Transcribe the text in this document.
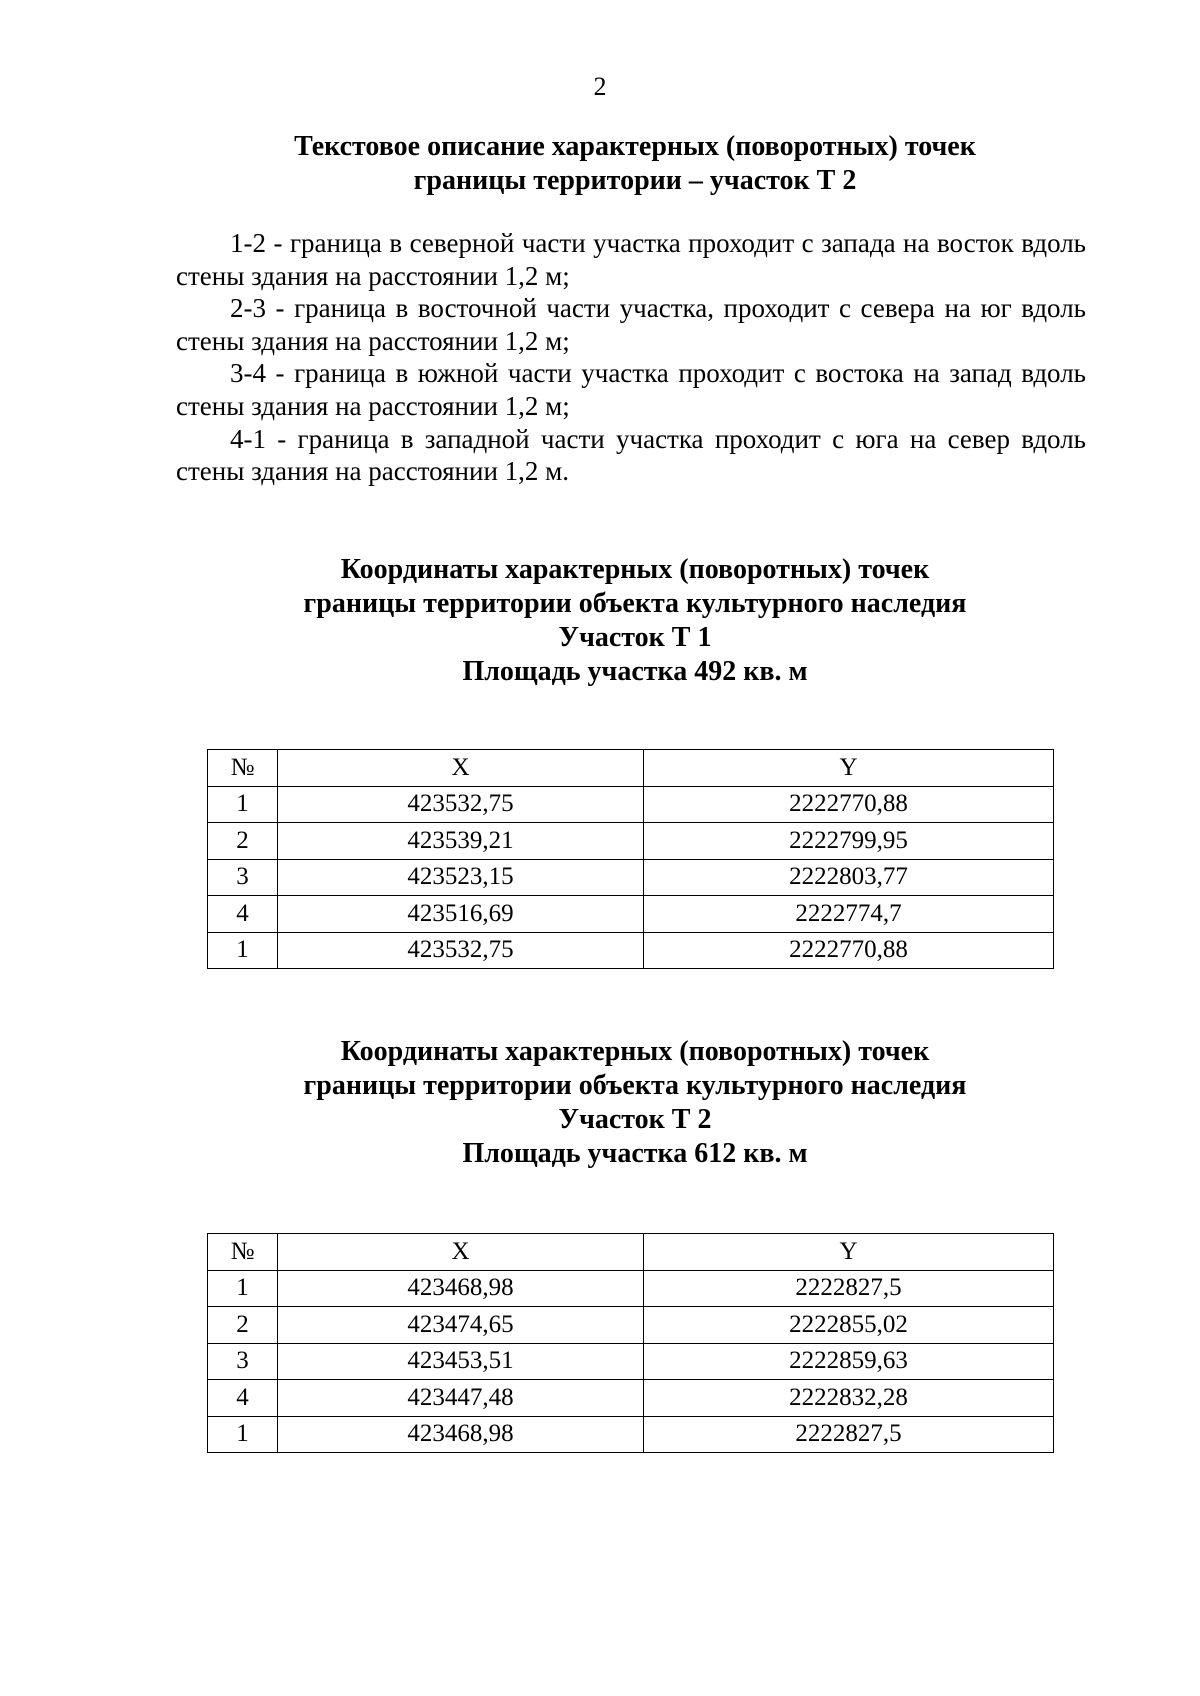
2
Текстовое описание характерных (поворотных) точек
границы территории – участок Т 2

1-2 - граница в северной части участка проходит с запада на восток вдоль стены здания на расстоянии 1,2 м;

2-3 - граница в восточной части участка, проходит с севера на юг вдоль стены здания на расстоянии 1,2 м;

3-4 - граница в южной части участка проходит с востока на запад вдоль стены здания на расстоянии 1,2 м;

4-1 - граница в западной части участка проходит с юга на север вдоль стены здания на расстоянии 1,2 м.

Координаты характерных (поворотных) точек
границы территории объекта культурного наследия
Участок Т 1
Площадь участка 492 кв. м
№	X	Y
1	423532,75	2222770,88
2	423539,21	2222799,95
3	423523,15	2222803,77
4	423516,69	2222774,7
1	423532,75	2222770,88
Координаты характерных (поворотных) точек
границы территории объекта культурного наследия
Участок Т 2
Площадь участка 612 кв. м
№	X	Y
1	423468,98	2222827,5
2	423474,65	2222855,02
3	423453,51	2222859,63
4	423447,48	2222832,28
1	423468,98	2222827,5
